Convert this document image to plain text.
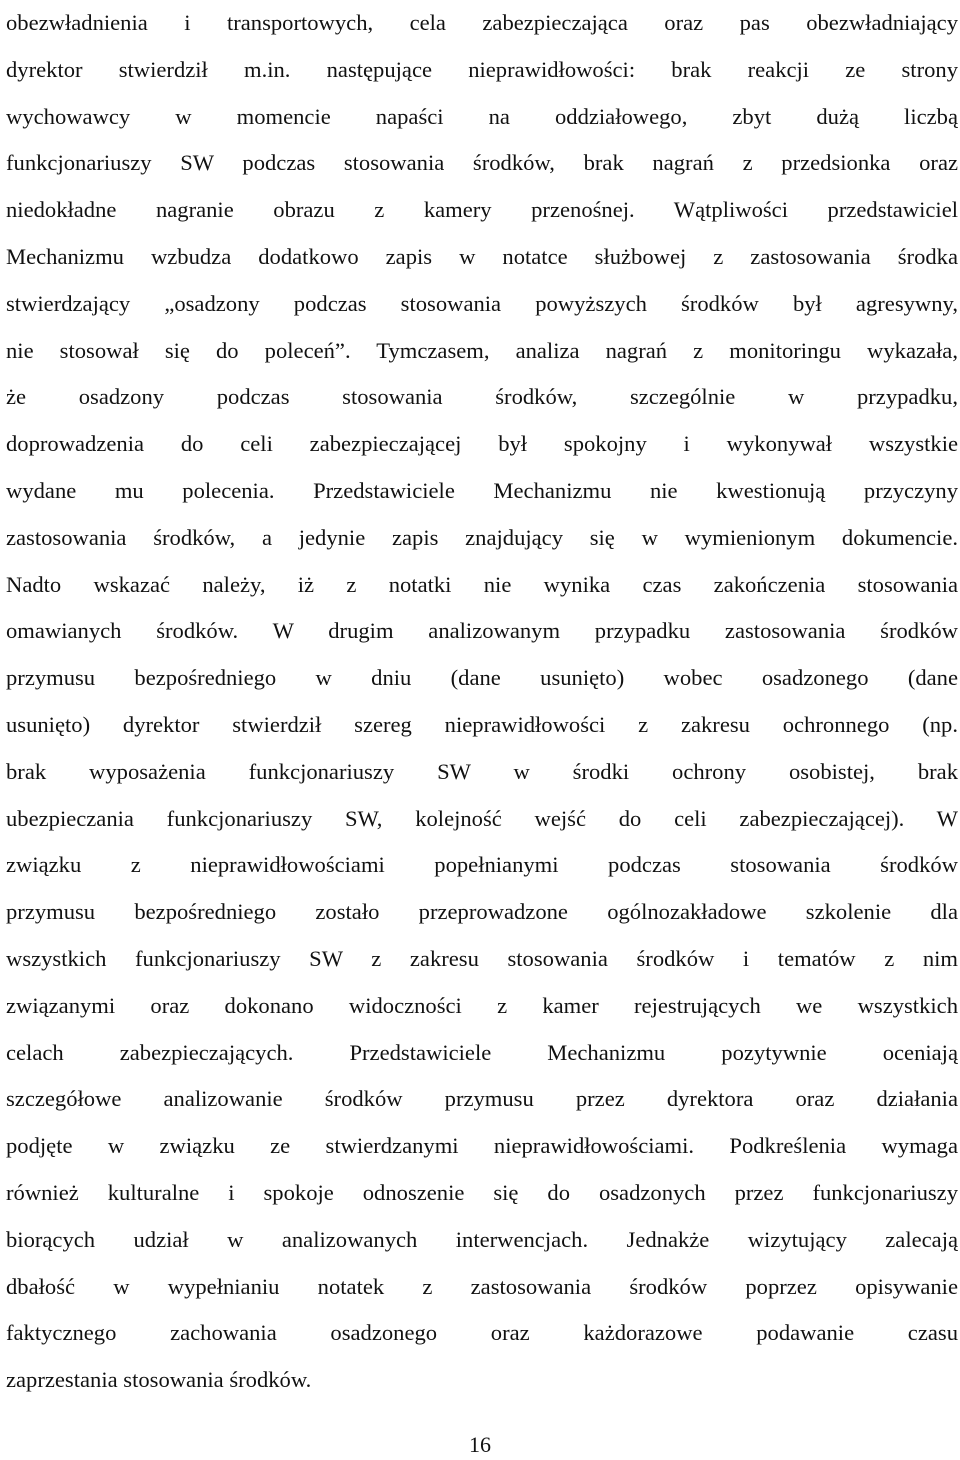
obezwładnienia i transportowych, cela zabezpieczająca oraz pas obezwładniający
dyrektor stwierdził m.in. następujące nieprawidłowości: brak reakcji ze strony
wychowawcy w momencie napaści na oddziałowego, zbyt dużą liczbą
funkcjonariuszy SW podczas stosowania środków, brak nagrań z przedsionka oraz
niedokładne nagranie obrazu z kamery przenośnej. Wątpliwości przedstawiciel
Mechanizmu wzbudza dodatkowo zapis w notatce służbowej z zastosowania środka
stwierdzający „osadzony podczas stosowania powyższych środków był agresywny,
nie stosował się do poleceń”. Tymczasem, analiza nagrań z monitoringu wykazała,
że osadzony podczas stosowania środków, szczególnie w przypadku,
doprowadzenia do celi zabezpieczającej był spokojny i wykonywał wszystkie
wydane mu polecenia. Przedstawiciele Mechanizmu nie kwestionują przyczyny
zastosowania środków, a jedynie zapis znajdujący się w wymienionym dokumencie.
Nadto wskazać należy, iż z notatki nie wynika czas zakończenia stosowania
omawianych środków. W drugim analizowanym przypadku zastosowania środków
przymusu bezpośredniego w dniu (dane usunięto) wobec osadzonego (dane
usunięto) dyrektor stwierdził szereg nieprawidłowości z zakresu ochronnego (np.
brak wyposażenia funkcjonariuszy SW w środki ochrony osobistej, brak
ubezpieczania funkcjonariuszy SW, kolejność wejść do celi zabezpieczającej). W
związku z nieprawidłowościami popełnianymi podczas stosowania środków
przymusu bezpośredniego zostało przeprowadzone ogólnozakładowe szkolenie dla
wszystkich funkcjonariuszy SW z zakresu stosowania środków i tematów z nim
związanymi oraz dokonano widoczności z kamer rejestrujących we wszystkich
celach zabezpieczających. Przedstawiciele Mechanizmu pozytywnie oceniają
szczegółowe analizowanie środków przymusu przez dyrektora oraz działania
podjęte w związku ze stwierdzanymi nieprawidłowościami. Podkreślenia wymaga
również kulturalne i spokoje odnoszenie się do osadzonych przez funkcjonariuszy
biorących udział w analizowanych interwencjach. Jednakże wizytujący zalecają
dbałość w wypełnianiu notatek z zastosowania środków poprzez opisywanie
faktycznego zachowania osadzonego oraz każdorazowe podawanie czasu
zaprzestania stosowania środków.
16
